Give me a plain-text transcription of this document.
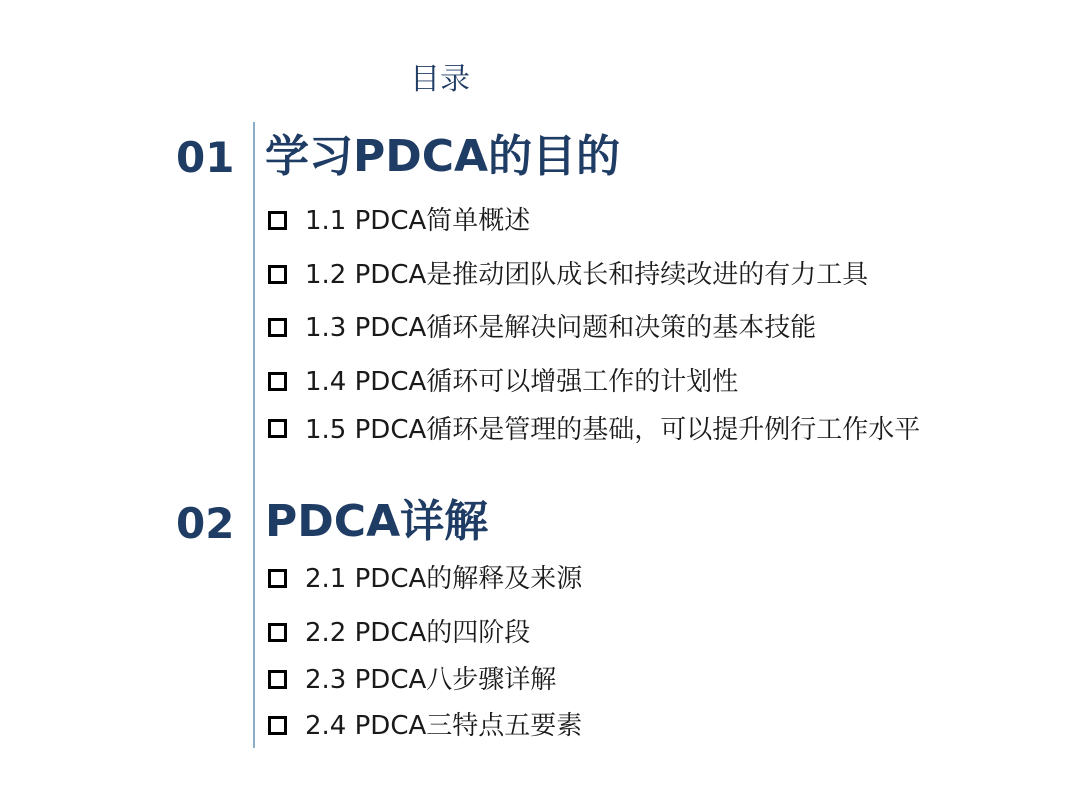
目录
01 学习PDCA的目的
1.1 PDCA简单概述
1.2 PDCA是推动团队成长和持续改进的有力工具
1.3 PDCA循环是解决问题和决策的基本技能
1.4 PDCA循环可以增强工作的计划性
1.5 PDCA循环是管理的基础，可以提升例行工作水平
02 PDCA详解
2.1 PDCA的解释及来源
2.2 PDCA的四阶段
2.3 PDCA八步骤详解
2.4 PDCA三特点五要素
